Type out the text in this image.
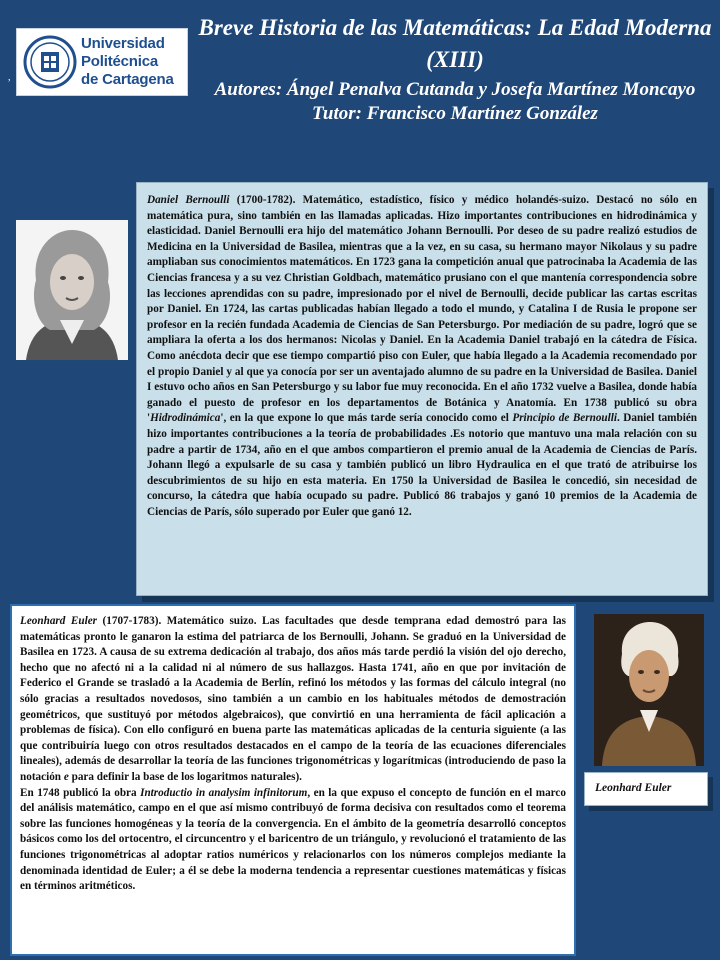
Universidad
Politécnica
de Cartagena
,
Breve Historia de las Matemáticas: La Edad Moderna (XIII)
Autores: Ángel Penalva Cutanda y Josefa Martínez Moncayo
Tutor: Francisco Martínez González

Daniel Bernoulli (1700-1782). Matemático, estadístico, físico y médico holandés-suizo. Destacó no sólo en matemática pura, sino también en las llamadas aplicadas. Hizo importantes contribuciones en hidrodinámica y elasticidad. Daniel Bernoulli era hijo del matemático Johann Bernoulli. Por deseo de su padre realizó estudios de Medicina en la Universidad de Basilea, mientras que a la vez, en su casa, su hermano mayor Nikolaus y su padre ampliaban sus conocimientos matemáticos. En 1723 gana la competición anual que patrocinaba la Academia de las Ciencias francesa y a su vez Christian Goldbach, matemático prusiano con el que mantenía correspondencia sobre las lecciones aprendidas con su padre, impresionado por el nivel de Bernoulli, decide publicar las cartas escritas por Daniel. En 1724, las cartas publicadas habían llegado a todo el mundo, y Catalina I de Rusia le propone ser profesor en la recién fundada Academia de Ciencias de San Petersburgo. Por mediación de su padre, logró que se ampliara la oferta a los dos hermanos: Nicolas y Daniel. En la Academia Daniel trabajó en la cátedra de Física. Como anécdota decir que ese tiempo compartió piso con Euler, que había llegado a la Academia recomendado por el propio Daniel y al que ya conocía por ser un aventajado alumno de su padre en la Universidad de Basilea. Daniel I estuvo ocho años en San Petersburgo y su labor fue muy reconocida. En el año 1732 vuelve a Basilea, donde había ganado el puesto de profesor en los departamentos de Botánica y Anatomía. En 1738 publicó su obra 'Hidrodinámica', en la que expone lo que más tarde sería conocido como el Principio de Bernoulli. Daniel también hizo importantes contribuciones a la teoría de probabilidades .Es notorio que mantuvo una mala relación con su padre a partir de 1734, año en el que ambos compartieron el premio anual de la Academia de Ciencias de París. Johann llegó a expulsarle de su casa y también publicó un libro Hydraulica en el que trató de atribuirse los descubrimientos de su hijo en esta materia. En 1750 la Universidad de Basilea le concedió, sin necesidad de concurso, la cátedra que había ocupado su padre. Publicó 86 trabajos y ganó 10 premios de la Academia de Ciencias de París, sólo superado por Euler que ganó 12.

Leonhard Euler (1707-1783). Matemático suizo. Las facultades que desde temprana edad demostró para las matemáticas pronto le ganaron la estima del patriarca de los Bernoulli, Johann. Se graduó en la Universidad de Basilea en 1723. A causa de su extrema dedicación al trabajo, dos años más tarde perdió la visión del ojo derecho, hecho que no afectó ni a la calidad ni al número de sus hallazgos. Hasta 1741, año en que por invitación de Federico el Grande se trasladó a la Academia de Berlín, refinó los métodos y las formas del cálculo integral (no sólo gracias a resultados novedosos, sino también a un cambio en los habituales métodos de demostración geométricos, que sustituyó por métodos algebraicos), que convirtió en una herramienta de fácil aplicación a problemas de física). Con ello configuró en buena parte las matemáticas aplicadas de la centuria siguiente (a las que contribuiría luego con otros resultados destacados en el campo de la teoría de las ecuaciones diferenciales lineales), además de desarrollar la teoría de las funciones trigonométricas y logarítmicas (introduciendo de paso la notación e para definir la base de los logaritmos naturales).

En 1748 publicó la obra Introductio in analysim infinitorum, en la que expuso el concepto de función en el marco del análisis matemático, campo en el que así mismo contribuyó de forma decisiva con resultados como el teorema sobre las funciones homogéneas y la teoría de la convergencia. En el ámbito de la geometría desarrolló conceptos básicos como los del ortocentro, el circuncentro y el baricentro de un triángulo, y revolucionó el tratamiento de las funciones trigonométricas al adoptar ratios numéricos y relacionarlos con los números complejos mediante la denominada identidad de Euler; a él se debe la moderna tendencia a representar cuestiones matemáticas y físicas en términos aritméticos.

Leonhard Euler
